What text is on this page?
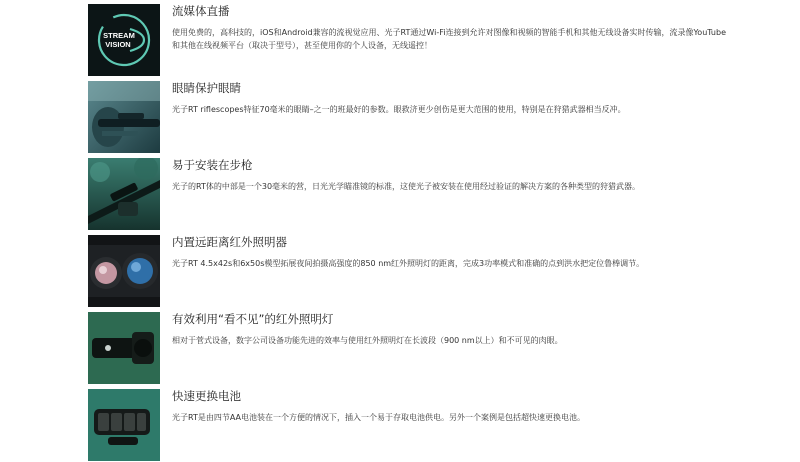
STREAM
VISION
流媒体直播
使用免费的，高科技的，iOS和Android兼容的流视觉应用、光子RT通过Wi-Fi连接到允许对图像和视频的智能手机和其他无线设备实时传输，流录像YouTube和其他在线视频平台（取决于型号），甚至使用你的个人设备，无线遥控！
眼睛保护眼睛
光子RT riflescopes特征70毫米的眼睛–之一的班最好的参数。眼救济更少创伤是更大范围的使用，特别是在狩猎武器相当反冲。
易于安装在步枪
光子的RT体的中部是一个30毫米的营，日光光学瞄准镜的标准，这使光子被安装在使用经过验证的解决方案的各种类型的狩猎武器。
内置远距离红外照明器
光子RT 4.5x42s和6x50s模型拓展夜间拍摄高强度的850 nm红外照明灯的距离，完成3功率模式和准确的点到洪水把定位鲁棒调节。
有效利用“看不见”的红外照明灯
相对于菅式设备，数字公司设备功能先进的效率与使用红外照明灯在长波段（900 nm以上）和不可见的肉眼。
快速更换电池
光子RT是由四节AA电池装在一个方便的情况下，插入一个易于存取电池供电。另外一个案例是包括超快速更换电池。
